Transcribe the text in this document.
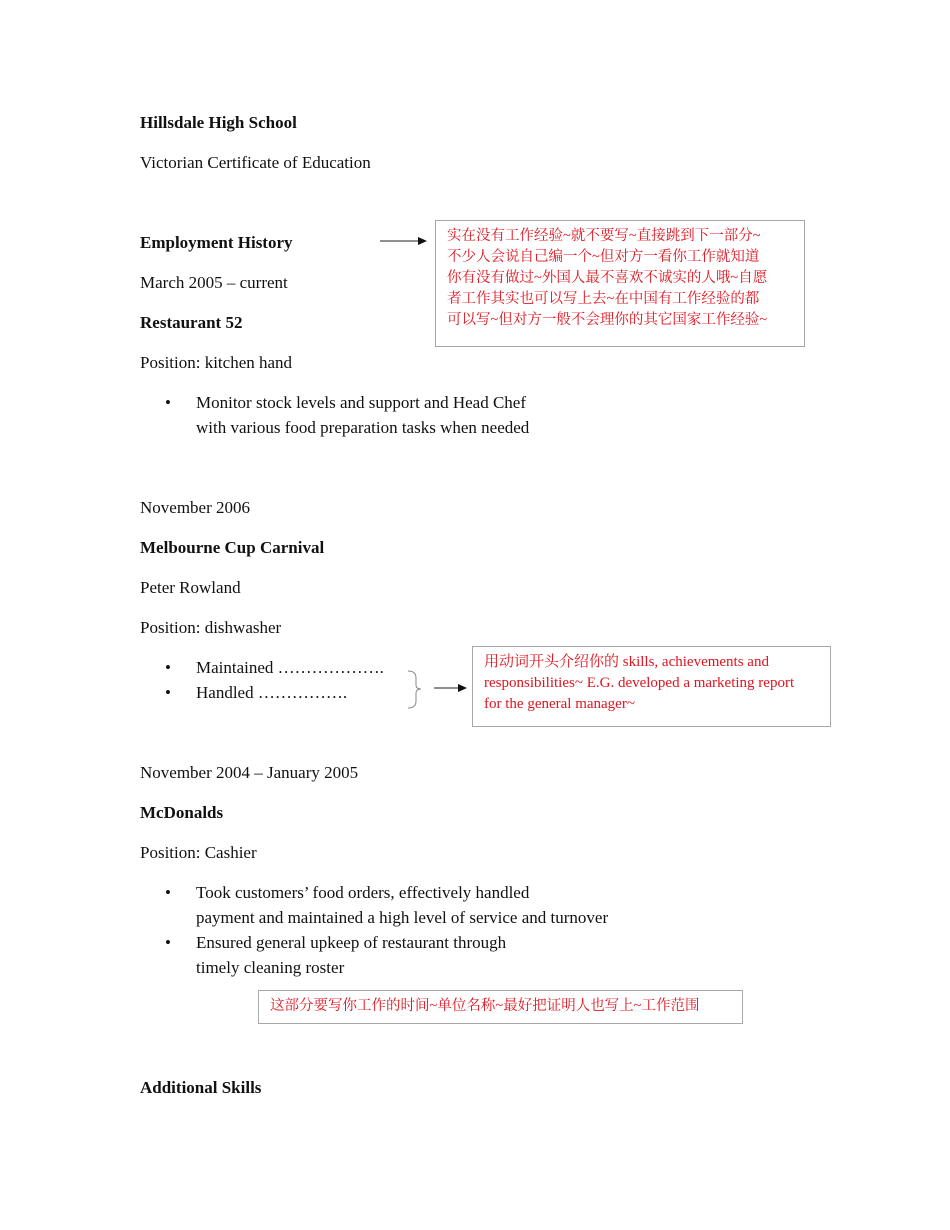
Hillsdale High School
Victorian Certificate of Education
Employment History
March 2005 – current
Restaurant 52
Position: kitchen hand
• Monitor stock levels and support and Head Chef
with various food preparation tasks when needed
November 2006
Melbourne Cup Carnival
Peter Rowland
Position: dishwasher
• Maintained ……………….
• Handled …………….
November 2004 – January 2005
McDonalds
Position: Cashier
• Took customers’ food orders, effectively handled
payment and maintained a high level of service and turnover
• Ensured general upkeep of restaurant through
timely cleaning roster
Additional Skills
实在没有工作经验~就不要写~直接跳到下一部分~
不少人会说自己编一个~但对方一看你工作就知道
你有没有做过~外国人最不喜欢不诚实的人哦~自愿
者工作其实也可以写上去~在中国有工作经验的都
可以写~但对方一般不会理你的其它国家工作经验~
用动词开头介绍你的 skills, achievements and
responsibilities~ E.G. developed a marketing report
for the general manager~
这部分要写你工作的时间~单位名称~最好把证明人也写上~工作范围
